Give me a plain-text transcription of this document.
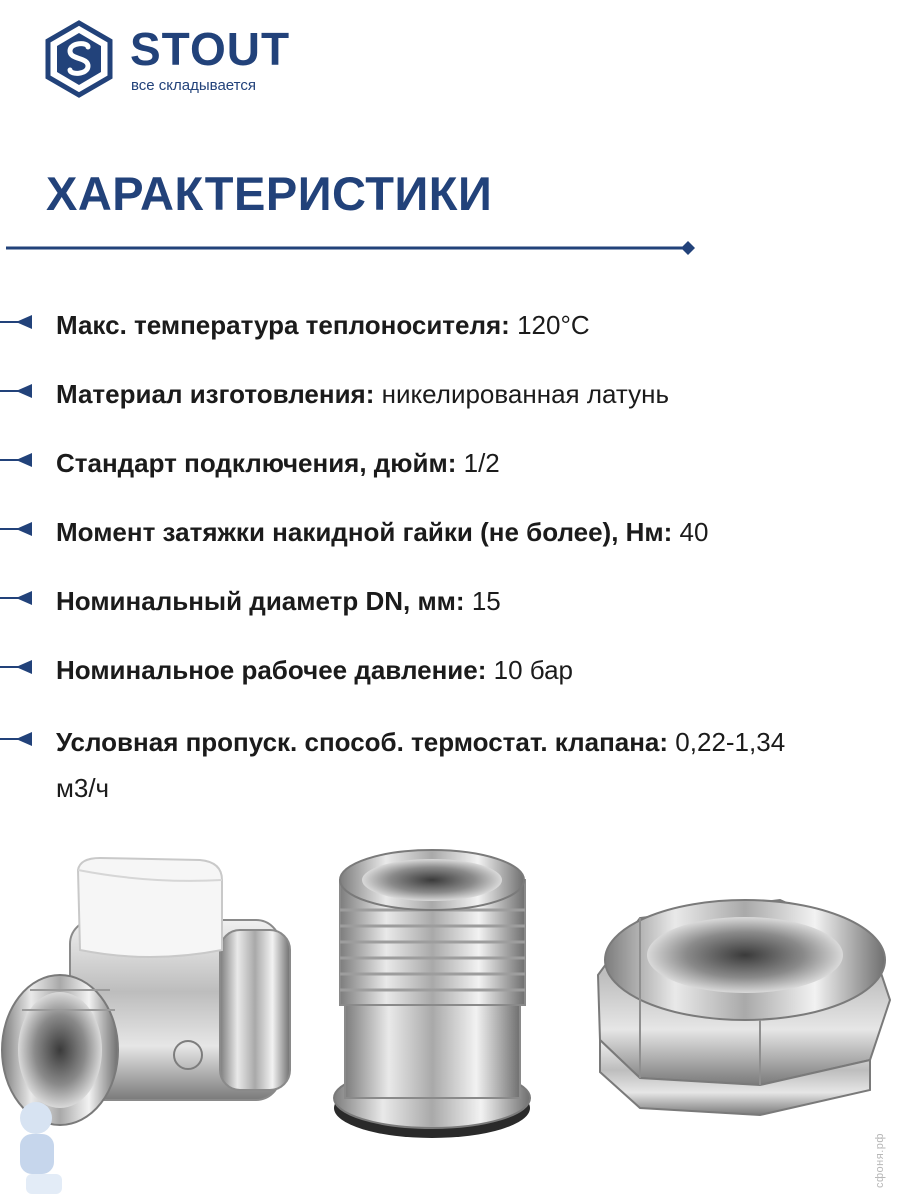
STOUT
все складывается
ХАРАКТЕРИСТИКИ
Макс. температура теплоносителя: 120°C
Материал изготовления: никелированная латунь
Стандарт подключения, дюйм: 1/2
Момент затяжки накидной гайки (не более), Нм: 40
Номинальный диаметр DN, мм: 15
Номинальное рабочее давление: 10 бар
Условная пропуск. способ. термостат. клапана: 0,22-1,34 м3/ч
сфоня.рф
